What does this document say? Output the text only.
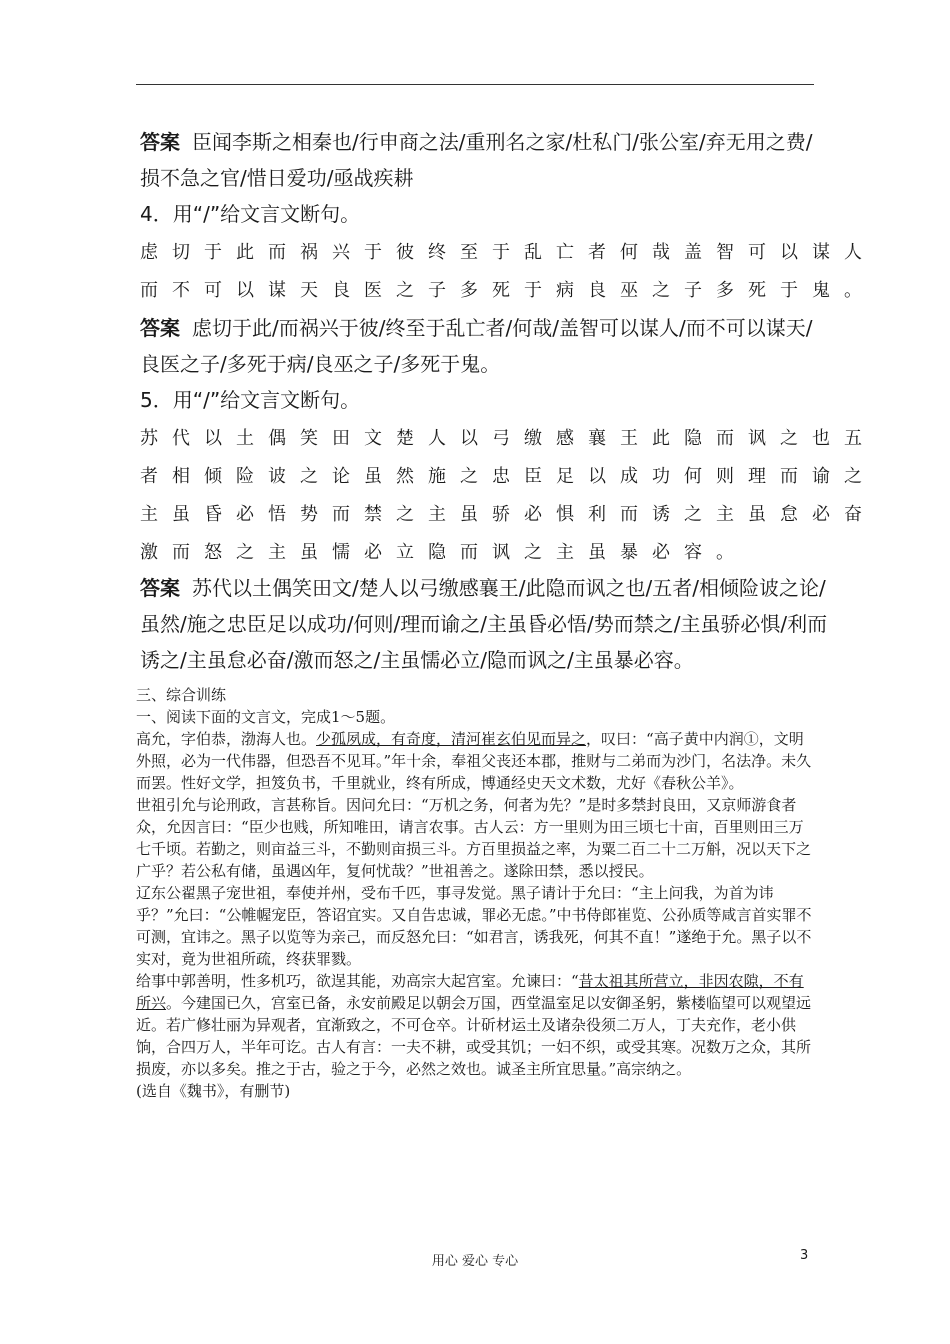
答案 臣闻李斯之相秦也/行申商之法/重刑名之家/杜私门/张公室/弃无用之费/
损不急之官/惜日爱功/亟战疾耕
4．用“/”给文言文断句。
虑切于此而祸兴于彼终至于乱亡者何哉盖智可以谋人
而不可以谋天良医之子多死于病良巫之子多死于鬼。
答案 虑切于此/而祸兴于彼/终至于乱亡者/何哉/盖智可以谋人/而不可以谋天/
良医之子/多死于病/良巫之子/多死于鬼。
5．用“/”给文言文断句。
苏代以土偶笑田文楚人以弓缴感襄王此隐而讽之也五
者相倾险诐之论虽然施之忠臣足以成功何则理而谕之
主虽昏必悟势而禁之主虽骄必惧利而诱之主虽怠必奋
激而怒之主虽懦必立隐而讽之主虽暴必容。
答案 苏代以土偶笑田文/楚人以弓缴感襄王/此隐而讽之也/五者/相倾险诐之论/
虽然/施之忠臣足以成功/何则/理而谕之/主虽昏必悟/势而禁之/主虽骄必惧/利而
诱之/主虽怠必奋/激而怒之/主虽懦必立/隐而讽之/主虽暴必容。
三、综合训练
一、阅读下面的文言文，完成1～5题。
高允，字伯恭，渤海人也。少孤夙成，有奇度，清河崔玄伯见而异之，叹曰：“高子黄中内润①，文明外照，必为一代伟器，但恐吾不见耳。”年十余，奉祖父丧还本郡，推财与二弟而为沙门，名法净。未久而罢。性好文学，担笈负书，千里就业，终有所成，博通经史天文术数，尤好《春秋公羊》。
世祖引允与论刑政，言甚称旨。因问允曰：“万机之务，何者为先？”是时多禁封良田，又京师游食者众，允因言曰：“臣少也贱，所知唯田，请言农事。古人云：方一里则为田三顷七十亩，百里则田三万七千顷。若勤之，则亩益三斗，不勤则亩损三斗。方百里损益之率，为粟二百二十二万斛，况以天下之广乎？若公私有储，虽遇凶年，复何忧哉？”世祖善之。遂除田禁，悉以授民。
辽东公翟黑子宠世祖，奉使并州，受布千匹，事寻发觉。黑子请计于允曰：“主上问我，为首为讳乎？”允曰：“公帷幄宠臣，答诏宜实。又自告忠诚，罪必无虑。”中书侍郎崔览、公孙质等咸言首实罪不可测，宜讳之。黑子以览等为亲己，而反怒允曰：“如君言，诱我死，何其不直！”遂绝于允。黑子以不实对，竟为世祖所疏，终获罪戮。
给事中郭善明，性多机巧，欲逞其能，劝高宗大起宫室。允谏曰：“昔太祖其所营立，非因农隙，不有所兴。今建国已久，宫室已备，永安前殿足以朝会万国，西堂温室足以安御圣躬，紫楼临望可以观望远近。若广修壮丽为异观者，宜渐致之，不可仓卒。计斫材运土及诸杂役须二万人，丁夫充作，老小供饷，合四万人，半年可讫。古人有言：一夫不耕，或受其饥；一妇不织，或受其寒。况数万之众，其所损废，亦以多矣。推之于古，验之于今，必然之效也。诚圣主所宜思量。”高宗纳之。
(选自《魏书》，有删节)
用心 爱心 专心	3
